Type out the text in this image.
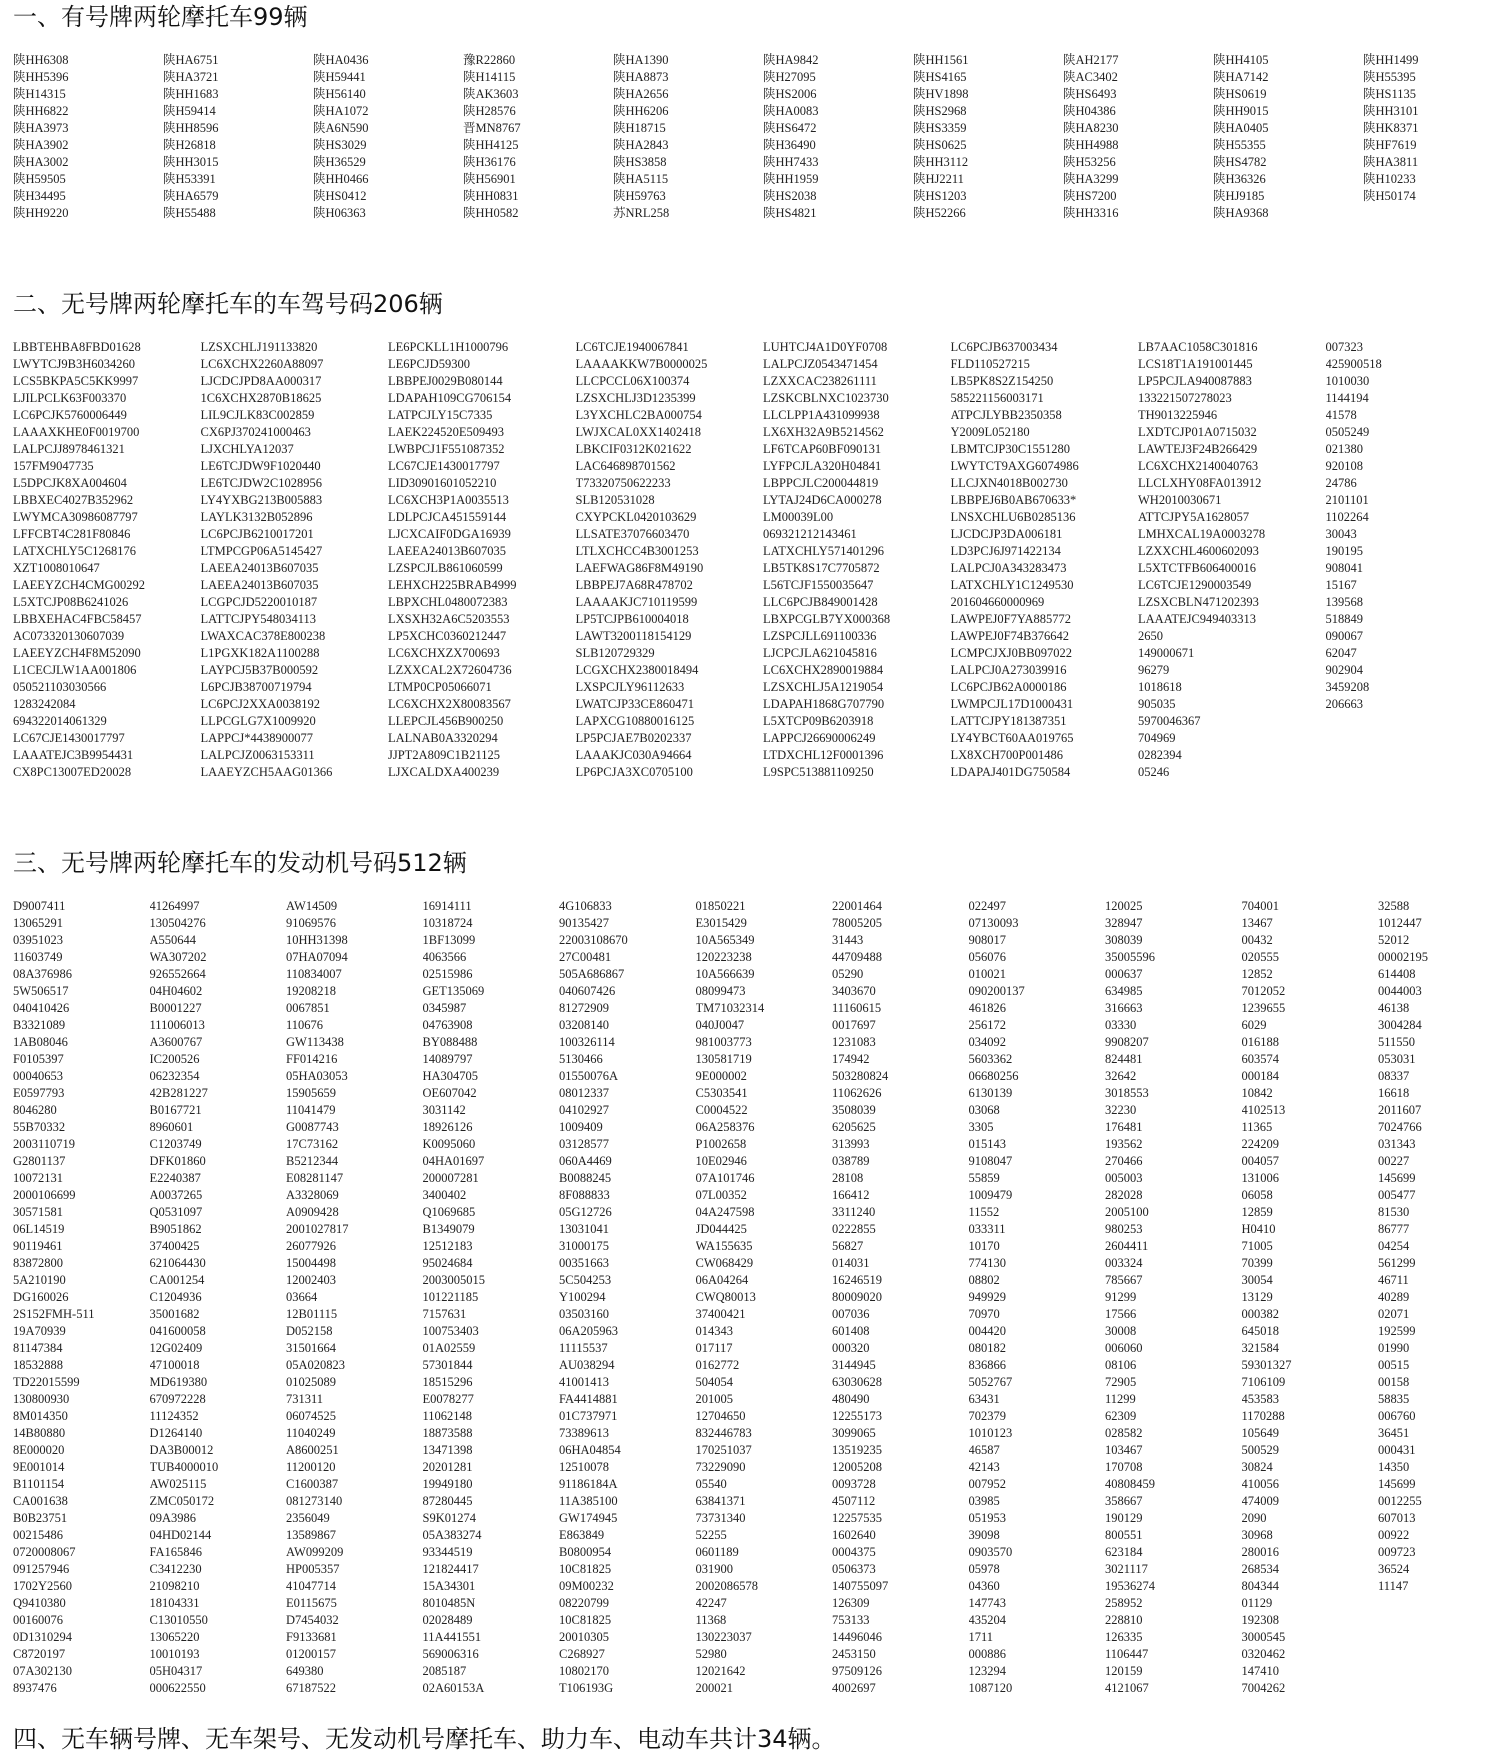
一、有号牌两轮摩托车99辆
陕HH6308
陕HH5396
陕H14315
陕HH6822
陕HA3973
陕HA3902
陕HA3002
陕H59505
陕H34495
陕HH9220
陕HA6751
陕HA3721
陕HH1683
陕H59414
陕HH8596
陕H26818
陕HH3015
陕H53391
陕HA6579
陕H55488
陕HA0436
陕H59441
陕H56140
陕HA1072
陕A6N590
陕HS3029
陕H36529
陕HH0466
陕HS0412
陕H06363
豫R22860
陕H14115
陕AK3603
陕H28576
晋MN8767
陕HH4125
陕H36176
陕H56901
陕HH0831
陕HH0582
陕HA1390
陕HA8873
陕HA2656
陕HH6206
陕H18715
陕HA2843
陕HS3858
陕HA5115
陕H59763
苏NRL258
陕HA9842
陕H27095
陕HS2006
陕HA0083
陕HS6472
陕H36490
陕HH7433
陕HH1959
陕HS2038
陕HS4821
陕HH1561
陕HS4165
陕HV1898
陕HS2968
陕HS3359
陕HS0625
陕HH3112
陕HJ2211
陕HS1203
陕H52266
陕AH2177
陕AC3402
陕HS6493
陕H04386
陕HA8230
陕HH4988
陕H53256
陕HA3299
陕HS7200
陕HH3316
陕HH4105
陕HA7142
陕HS0619
陕HH9015
陕HA0405
陕H55355
陕HS4782
陕H36326
陕HJ9185
陕HA9368
陕HH1499
陕H55395
陕HS1135
陕HH3101
陕HK8371
陕HF7619
陕HA3811
陕H10233
陕H50174
二、无号牌两轮摩托车的车驾号码206辆
LBBTEHBA8FBD01628
LWYTCJ9B3H6034260
LCS5BKPA5C5KK9997
LJILPCLK63F003370
LC6PCJK5760006449
LAAAXKHE0F0019700
LALPCJJ8978461321
157FM9047735
L5DPCJK8XA004604
LBBXEC4027B352962
LWYMCA30986087797
LFFCBT4C281F80846
LATXCHLY5C1268176
XZT1008010647
LAEEYZCH4CMG00292
L5XTCJP08B6241026
LBBXEHAC4FBC58457
AC073320130607039
LAEEYZCH4F8M52090
L1CECJLW1AA001806
050521103030566
1283242084
694322014061329
LC67CJE1430017797
LAAATEJC3B9954431
CX8PC13007ED20028
LZSXCHLJ191133820
LC6XCHX2260A88097
LJCDCJPD8AA000317
1C6XCHX2870B18625
LIL9CJLK83C002859
CX6PJ370241000463
LJXCHLYA12037
LE6TCJDW9F1020440
LE6TCJDW2C1028956
LY4YXBG213B005883
LAYLK3132B052896
LC6PCJB6210017201
LTMPCGP06A5145427
LAEEA24013B607035
LAEEA24013B607035
LCGPCJD5220010187
LATTCJPY548034113
LWAXCAC378E800238
L1PGXK182A1100288
LAYPCJ5B37B000592
L6PCJB38700719794
LC6PCJ2XXA0038192
LLPCGLG7X1009920
LAPPCJ*4438900077
LALPCJZ0063153311
LAAEYZCH5AAG01366
LE6PCKLL1H1000796
LE6PCJD59300
LBBPEJ0029B080144
LDAPAH109CG706154
LATPCJLY15C7335
LAEK224520E509493
LWBPCJ1F551087352
LC67CJE1430017797
LID30901601052210
LC6XCH3P1A0035513
LDLPCJCA451559144
LJCXCAIF0DGA16939
LAEEA24013B607035
LZSPCJLB861060599
LEHXCH225BRAB4999
LBPXCHL0480072383
LXSXH32A6C5203553
LP5XCHC0360212447
LC6XCHXZX700693
LZXXCAL2X72604736
LTMP0CP05066071
LC6XCHX2X80083567
LLEPCJL456B900250
LALNAB0A3320294
JJPT2A809C1B21125
LJXCALDXA400239
LC6TCJE1940067841
LAAAAKKW7B0000025
LLCPCCL06X100374
LZSXCHLJ3D1235399
L3YXCHLC2BA000754
LWJXCAL0XX1402418
LBKCIF0312K021622
LAC646898701562
T73320750622233
SLB120531028
CXYPCKL0420103629
LLSATE37076603470
LTLXCHCC4B3001253
LAEFWAG86F8M49190
LBBPEJ7A68R478702
LAAAAKJC710119599
LP5TCJPB610004018
LAWT3200118154129
SLB120729329
LCGXCHX2380018494
LXSPCJLY96112633
LWATCJP33CE860471
LAPXCG10880016125
LP5PCJAE7B0202337
LAAAKJC030A94664
LP6PCJA3XC0705100
LUHTCJ4A1D0YF0708
LALPCJZ0543471454
LZXXCAC238261111
LZSKCBLNXC1023730
LLCLPP1A431099938
LX6XH32A9B5214562
LF6TCAP60BF090131
LYFPCJLA320H04841
LBPPCJLC200044819
LYTAJ24D6CA000278
LM00039L00
069321212143461
LATXCHLY571401296
LB5TK8S17C7705872
L56TCJF1550035647
LLC6PCJB849001428
LBXPCGLB7YX000368
LZSPCJLL691100336
LJCPCJLA621045816
LC6XCHX2890019884
LZSXCHLJ5A1219054
LDAPAH1868G707790
L5XTCP09B6203918
LAPPCJ26690006249
LTDXCHL12F0001396
L9SPC513881109250
LC6PCJB637003434
FLD110527215
LB5PK8S2Z154250
585221156003171
ATPCJLYBB2350358
Y2009L052180
LBMTCJP30C1551280
LWYTCT9AXG6074986
LLCJXN4018B002730
LBBPEJ6B0AB670633*
LNSXCHLU6B0285136
LJCDCJP3DA006181
LD3PCJ6J971422134
LALPCJ0A343283473
LATXCHLY1C1249530
201604660000969
LAWPEJ0F7YA885772
LAWPEJ0F74B376642
LCMPCJXJ0BB097022
LALPCJ0A273039916
LC6PCJB62A0000186
LWMPCJL17D1000431
LATTCJPY181387351
LY4YBCT60AA019765
LX8XCH700P001486
LDAPAJ401DG750584
LB7AAC1058C301816
LCS18T1A191001445
LP5PCJLA940087883
133221507278023
TH9013225946
LXDTCJP01A0715032
LAWTEJ3F24B266429
LC6XCHX2140040763
LLCLXHY08FA013912
WH2010030671
ATTCJPY5A1628057
LMHXCAL19A0003278
LZXXCHL4600602093
L5XTCTFB606400016
LC6TCJE1290003549
LZSXCBLN471202393
LAAATEJC949403313
2650
149000671
96279
1018618
905035
5970046367
704969
0282394
05246
007323
425900518
1010030
1144194
41578
0505249
021380
920108
24786
2101101
1102264
30043
190195
908041
15167
139568
518849
090067
62047
902904
3459208
206663
三、无号牌两轮摩托车的发动机号码512辆
D9007411
13065291
03951023
11603749
08A376986
5W506517
040410426
B3321089
1AB08046
F0105397
00040653
E0597793
8046280
55B70332
2003110719
G2801137
10072131
2000106699
30571581
06L14519
90119461
83872800
5A210190
DG160026
2S152FMH-511
19A70939
81147384
18532888
TD22015599
130800930
8M014350
14B80880
8E000020
9E001014
B1101154
CA001638
B0B23751
00215486
0720008067
091257946
1702Y2560
Q9410380
00160076
0D1310294
C8720197
07A302130
8937476
41264997
130504276
A550644
WA307202
926552664
04H04602
B0001227
111006013
A3600767
IC200526
06232354
42B281227
B0167721
8960601
C1203749
DFK01860
E2240387
A0037265
Q0531097
B9051862
37400425
621064430
CA001254
C1204936
35001682
041600058
12G02409
47100018
MD619380
670972228
11124352
D1264140
DA3B00012
TUB4000010
AW025115
ZMC050172
09A3986
04HD02144
FA165846
C3412230
21098210
18104331
C13010550
13065220
10010193
05H04317
000622550
AW14509
91069576
10HH31398
07HA07094
110834007
19208218
0067851
110676
GW113438
FF014216
05HA03053
15905659
11041479
G0087743
17C73162
B5212344
E08281147
A3328069
A0909428
2001027817
26077926
15004498
12002403
03664
12B01115
D052158
31501664
05A020823
01025089
731311
06074525
11040249
A8600251
11200120
C1600387
081273140
2356049
13589867
AW099209
HP005357
41047714
E0115675
D7454032
F9133681
01200157
649380
67187522
16914111
10318724
1BF13099
4063566
02515986
GET135069
0345987
04763908
BY088488
14089797
HA304705
OE607042
3031142
18926126
K0095060
04HA01697
200007281
3400402
Q1069685
B1349079
12512183
95024684
2003005015
101221185
7157631
100753403
01A02559
57301844
18515296
E0078277
11062148
18873588
13471398
20201281
19949180
87280445
S9K01274
05A383274
93344519
121824417
15A34301
8010485N
02028489
11A441551
569006316
2085187
02A60153A
4G106833
90135427
22003108670
27C00481
505A686867
040607426
81272909
03208140
100326114
5130466
01550076A
08012337
04102927
1009409
03128577
060A4469
B0088245
8F088833
05G12726
13031041
31000175
00351663
5C504253
Y100294
03503160
06A205963
11115537
AU038294
41001413
FA4414881
01C737971
73389613
06HA04854
12510078
91186184A
11A385100
GW174945
E863849
B0800954
10C81825
09M00232
08220799
10C81825
20010305
C268927
10802170
T106193G
01850221
E3015429
10A565349
120223238
10A566639
08099473
TM71032314
040J0047
981003773
130581719
9E000002
C5303541
C0004522
06A258376
P1002658
10E02946
07A101746
07L00352
04A247598
JD044425
WA155635
CW068429
06A04264
CWQ80013
37400421
014343
017117
0162772
504054
201005
12704650
832446783
170251037
73229090
05540
63841371
73731340
52255
0601189
031900
2002086578
42247
11368
130223037
52980
12021642
200021
22001464
78005205
31443
44709488
05290
3403670
11160615
0017697
1231083
174942
503280824
11062626
3508039
6205625
313993
038789
28108
166412
3311240
0222855
56827
014031
16246519
80009020
007036
601408
000320
3144945
63030628
480490
12255173
3099065
13519235
12005208
0093728
4507112
12257535
1602640
0004375
0506373
140755097
126309
753133
14496046
2453150
97509126
4002697
022497
07130093
908017
056076
010021
090200137
461826
256172
034092
5603362
06680256
6130139
03068
3305
015143
9108047
55859
1009479
11552
033311
10170
774130
08802
949929
70970
004420
080182
836866
5052767
63431
702379
1010123
46587
42143
007952
03985
051953
39098
0903570
05978
04360
147743
435204
1711
000886
123294
1087120
120025
328947
308039
35005596
000637
634985
316663
03330
9908207
824481
32642
3018553
32230
176481
193562
270466
005003
282028
2005100
980253
2604411
003324
785667
91299
17566
30008
006060
08106
72905
11299
62309
028582
103467
170708
40808459
358667
190129
800551
623184
3021117
19536274
258952
228810
126335
1106447
120159
4121067
704001
13467
00432
020555
12852
7012052
1239655
6029
016188
603574
000184
10842
4102513
11365
224209
004057
131006
06058
12859
H0410
71005
70399
30054
13129
000382
645018
321584
59301327
7106109
453583
1170288
105649
500529
30824
410056
474009
2090
30968
280016
268534
804344
01129
192308
3000545
0320462
147410
7004262
32588
1012447
52012
00002195
614408
0044003
46138
3004284
511550
053031
08337
16618
2011607
7024766
031343
00227
145699
005477
81530
86777
04254
561299
46711
40289
02071
192599
01990
00515
00158
58835
006760
36451
000431
14350
145699
0012255
607013
00922
009723
36524
11147
四、无车辆号牌、无车架号、无发动机号摩托车、助力车、电动车共计34辆。
